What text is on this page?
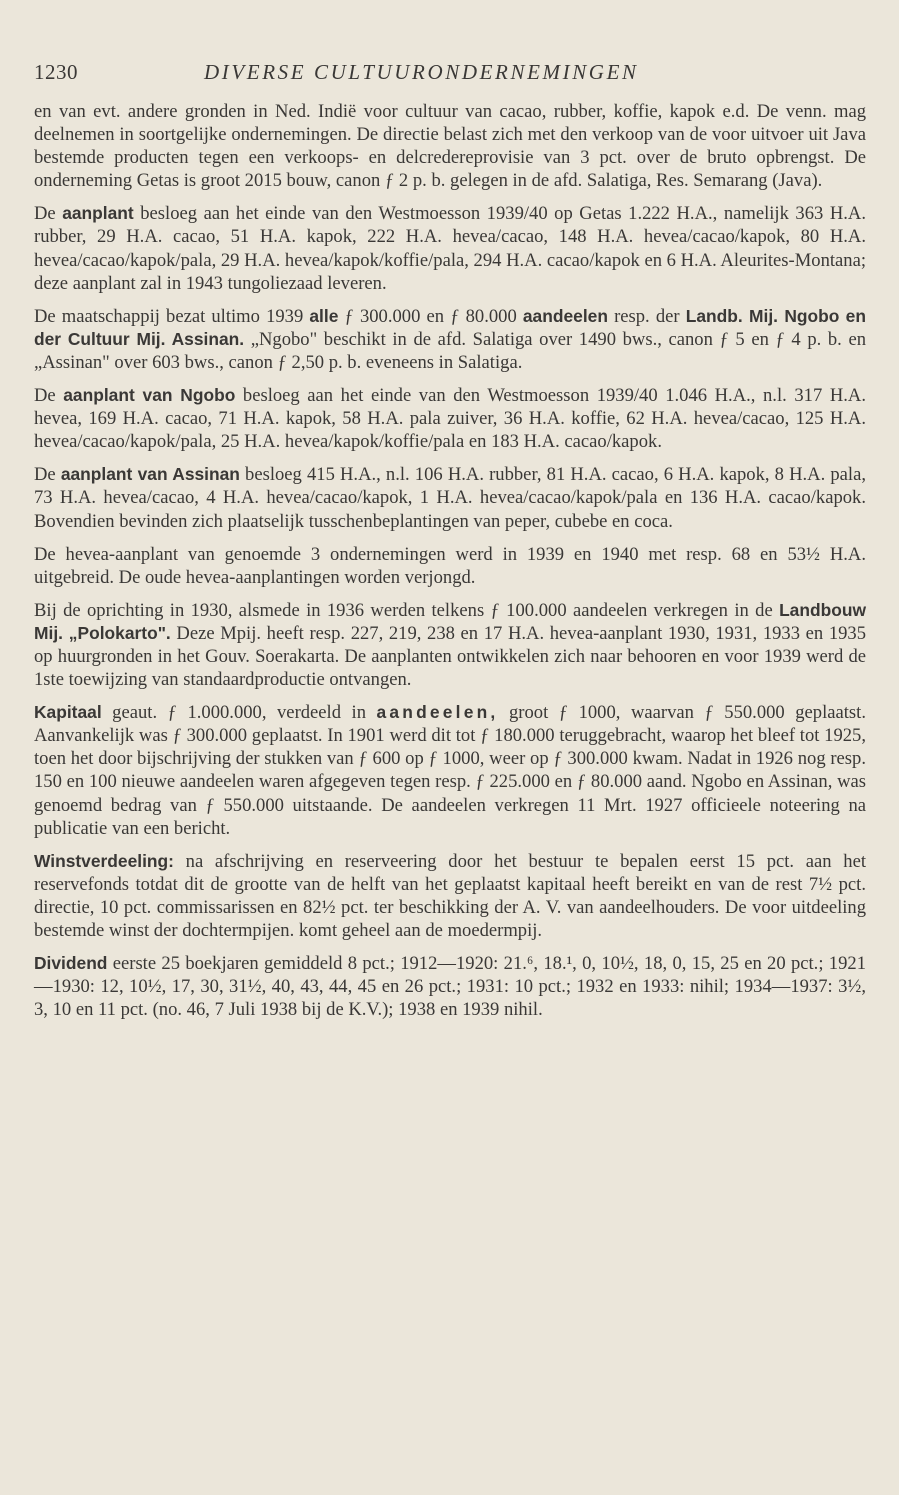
1230	DIVERSE CULTUURONDERNEMINGEN

en van evt. andere gronden in Ned. Indië voor cultuur van cacao, rubber, koffie, kapok e.d. De venn. mag deelnemen in soortgelijke ondernemingen. De directie belast zich met den verkoop van de voor uitvoer uit Java bestemde producten tegen een verkoops- en delcredereprovisie van 3 pct. over de bruto opbrengst. De onderneming Getas is groot 2015 bouw, canon ƒ 2 p. b. gelegen in de afd. Salatiga, Res. Semarang (Java).

De aanplant besloeg aan het einde van den Westmoesson 1939/40 op Getas 1.222 H.A., namelijk 363 H.A. rubber, 29 H.A. cacao, 51 H.A. kapok, 222 H.A. hevea/cacao, 148 H.A. hevea/cacao/kapok, 80 H.A. hevea/cacao/kapok/pala, 29 H.A. hevea/kapok/koffie/pala, 294 H.A. cacao/kapok en 6 H.A. Aleurites-Montana; deze aanplant zal in 1943 tungoliezaad leveren.

De maatschappij bezat ultimo 1939 alle ƒ 300.000 en ƒ 80.000 aandeelen resp. der Landb. Mij. Ngobo en der Cultuur Mij. Assinan. „Ngobo" beschikt in de afd. Salatiga over 1490 bws., canon ƒ 5 en ƒ 4 p. b. en „Assinan" over 603 bws., canon ƒ 2,50 p. b. eveneens in Salatiga.

De aanplant van Ngobo besloeg aan het einde van den Westmoesson 1939/40 1.046 H.A., n.l. 317 H.A. hevea, 169 H.A. cacao, 71 H.A. kapok, 58 H.A. pala zuiver, 36 H.A. koffie, 62 H.A. hevea/cacao, 125 H.A. hevea/cacao/kapok/pala, 25 H.A. hevea/kapok/koffie/pala en 183 H.A. cacao/kapok.

De aanplant van Assinan besloeg 415 H.A., n.l. 106 H.A. rubber, 81 H.A. cacao, 6 H.A. kapok, 8 H.A. pala, 73 H.A. hevea/cacao, 4 H.A. hevea/cacao/kapok, 1 H.A. hevea/cacao/kapok/pala en 136 H.A. cacao/kapok. Bovendien bevinden zich plaatselijk tusschenbeplantingen van peper, cubebe en coca.

De hevea-aanplant van genoemde 3 ondernemingen werd in 1939 en 1940 met resp. 68 en 53½ H.A. uitgebreid. De oude hevea-aanplantingen worden verjongd.

Bij de oprichting in 1930, alsmede in 1936 werden telkens ƒ 100.000 aandeelen verkregen in de Landbouw Mij. „Polokarto". Deze Mpij. heeft resp. 227, 219, 238 en 17 H.A. hevea-aanplant 1930, 1931, 1933 en 1935 op huurgronden in het Gouv. Soerakarta. De aanplanten ontwikkelen zich naar behooren en voor 1939 werd de 1ste toewijzing van standaardproductie ontvangen.

Kapitaal geaut. ƒ 1.000.000, verdeeld in aandeelen, groot ƒ 1000, waarvan ƒ 550.000 geplaatst. Aanvankelijk was ƒ 300.000 geplaatst. In 1901 werd dit tot ƒ 180.000 teruggebracht, waarop het bleef tot 1925, toen het door bijschrijving der stukken van ƒ 600 op ƒ 1000, weer op ƒ 300.000 kwam. Nadat in 1926 nog resp. 150 en 100 nieuwe aandeelen waren afgegeven tegen resp. ƒ 225.000 en ƒ 80.000 aand. Ngobo en Assinan, was genoemd bedrag van ƒ 550.000 uitstaande. De aandeelen verkregen 11 Mrt. 1927 officieele noteering na publicatie van een bericht.

Winstverdeeling: na afschrijving en reserveering door het bestuur te bepalen eerst 15 pct. aan het reservefonds totdat dit de grootte van de helft van het geplaatst kapitaal heeft bereikt en van de rest 7½ pct. directie, 10 pct. commissarissen en 82½ pct. ter beschikking der A. V. van aandeelhouders. De voor uitdeeling bestemde winst der dochtermpijen. komt geheel aan de moedermpij.

Dividend eerste 25 boekjaren gemiddeld 8 pct.; 1912—1920: 21.⁶, 18.¹, 0, 10½, 18, 0, 15, 25 en 20 pct.; 1921—1930: 12, 10½, 17, 30, 31½, 40, 43, 44, 45 en 26 pct.; 1931: 10 pct.; 1932 en 1933: nihil; 1934—1937: 3½, 3, 10 en 11 pct. (no. 46, 7 Juli 1938 bij de K.V.); 1938 en 1939 nihil.
